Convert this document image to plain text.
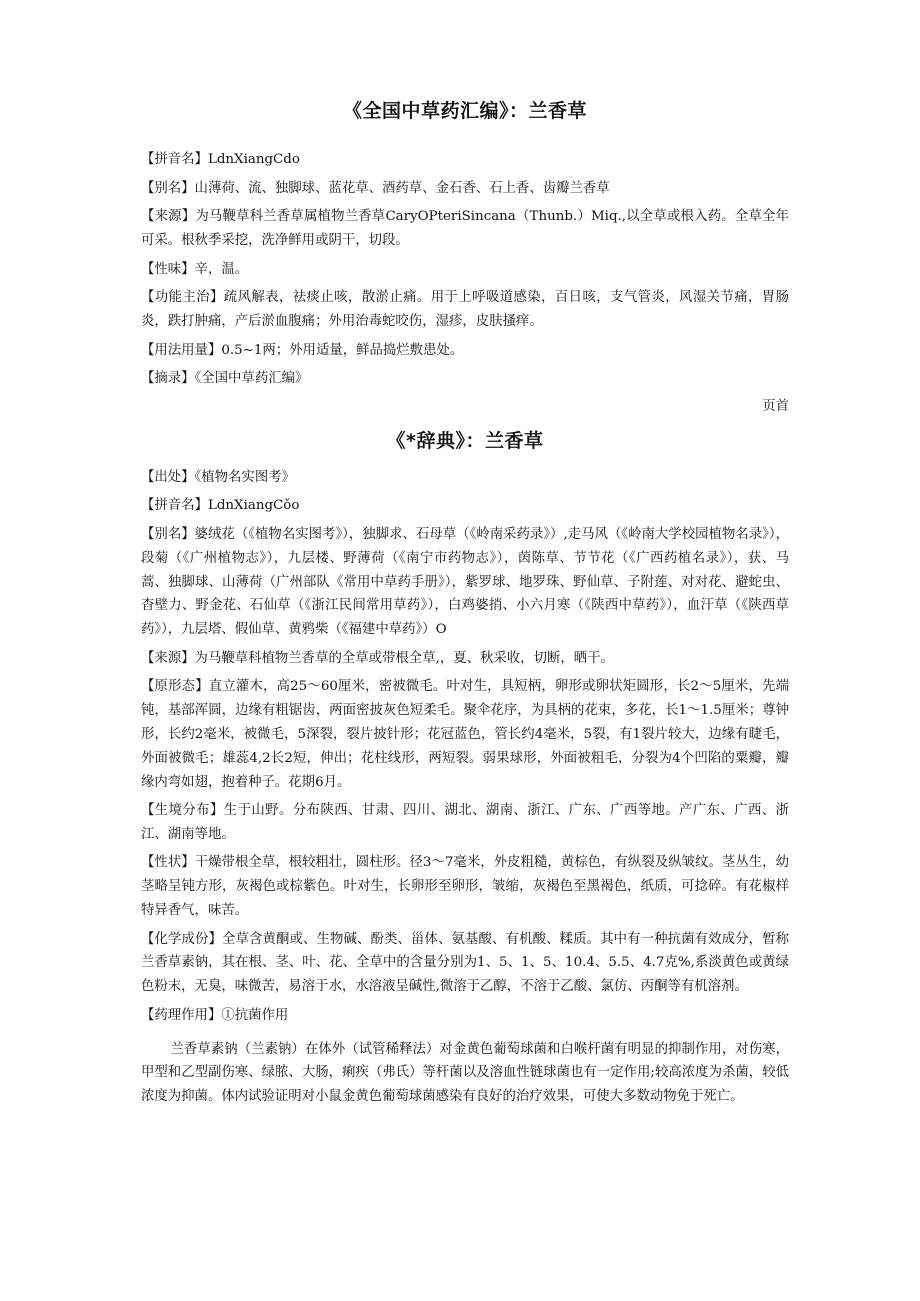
《全国中草药汇编》：兰香草

【拼音名】LdnXiangCdo

【别名】山薄荷、流、独脚球、蓝花草、酒药草、金石香、石上香、齿瓣兰香草

【来源】为马鞭草科兰香草属植物兰香草CaryOPteriSincana（Thunb.）Miq.,以全草或根入药。全草全年可采。根秋季采挖，洗净鲜用或阴干，切段。

【性味】辛，温。

【功能主治】疏风解表，祛痰止咳，散淤止痛。用于上呼吸道感染，百日咳，支气管炎，风湿关节痛，胃肠炎，跌打肿痛，产后淤血腹痛；外用治毒蛇咬伤，湿疹，皮肤搔痒。

【用法用量】0.5~1两；外用适量，鲜品捣烂敷患处。

【摘录】《全国中草药汇编》

页首
《*辞典》：兰香草

【出处】《植物名实图考》

【拼音名】LdnXiangCǒo

【别名】婆绒花（《植物名实图考》），独脚求、石母草（《岭南采药录》）,走马风（《岭南大学校园植物名录》），段菊（《广州植物志》），九层楼、野薄荷（《南宁市药物志》），茵陈草、节节花（《广西药植名录》），获、马蒿、独脚球、山薄荷（广州部队《常用中草药手册》），紫罗球、地罗珠、野仙草、子附莲、对对花、避蛇虫、杳壁力、野金花、石仙草（《浙江民间常用草药》），白鸡婆捎、小六月寒（《陕西中草药》），血汗草（《陕西草药》），九层塔、假仙草、黄鸦柴（《福建中草药》）O

【来源】为马鞭草科植物兰香草的全草或带根全草,，夏、秋采收，切断，晒干。

【原形态】直立灌木，高25～60厘米，密被微毛。叶对生，具短柄，卵形或卵状矩圆形，长2～5厘米，先端钝，基部浑圆，边缘有粗锯齿，两面密披灰色短柔毛。聚伞花序，为具柄的花束，多花，长1～1.5厘米；尊钟形，长约2毫米，被微毛，5深裂，裂片披针形；花冠蓝色，管长约4毫米，5裂，有1裂片较大，边缘有睫毛，外面被微毛；雄蕊4,2长2短，伸出；花柱线形，两短裂。弱果球形，外面被粗毛，分裂为4个凹陷的粟瓣，瓣缘内弯如翅，抱着种子。花期6月。

【生境分布】生于山野。分布陕西、甘肃、四川、湖北、湖南、浙江、广东、广西等地。产广东、广西、浙江、湖南等地。

【性状】干燥带根全草，根较粗壮，圆柱形。径3～7毫米，外皮粗糙，黄棕色，有纵裂及纵皱纹。茎丛生，幼茎略呈钝方形，灰褐色或棕紫色。叶对生，长卵形至卵形，皱缩，灰褐色至黑褐色，纸质，可捻碎。有花椒样特异香气，味苦。

【化学成份】全草含黄酮或、生物碱、酚类、甾体、氨基酸、有机酸、糅质。其中有一种抗菌有效成分，暂称兰香草素钠，其在根、茎、叶、花、全草中的含量分别为1、5、1、5、10.4、5.5、4.7克%,系淡黄色或黄绿色粉末，无臭，味微苦，易溶于水，水溶液呈碱性,微溶于乙醇，不溶于乙酸、氯仿、丙酮等有机溶剂。

【药理作用】①抗菌作用

兰香草素钠（兰素钠）在体外（试管稀释法）对金黄色葡萄球菌和白喉杆菌有明显的抑制作用，对伤寒，甲型和乙型副伤寒、绿脓、大肠，痢疾（弗氏）等杆菌以及溶血性链球菌也有一定作用;较高浓度为杀菌，较低浓度为抑菌。体内试验证明对小鼠金黄色葡萄球菌感染有良好的治疗效果，可使大多数动物免于死亡。
